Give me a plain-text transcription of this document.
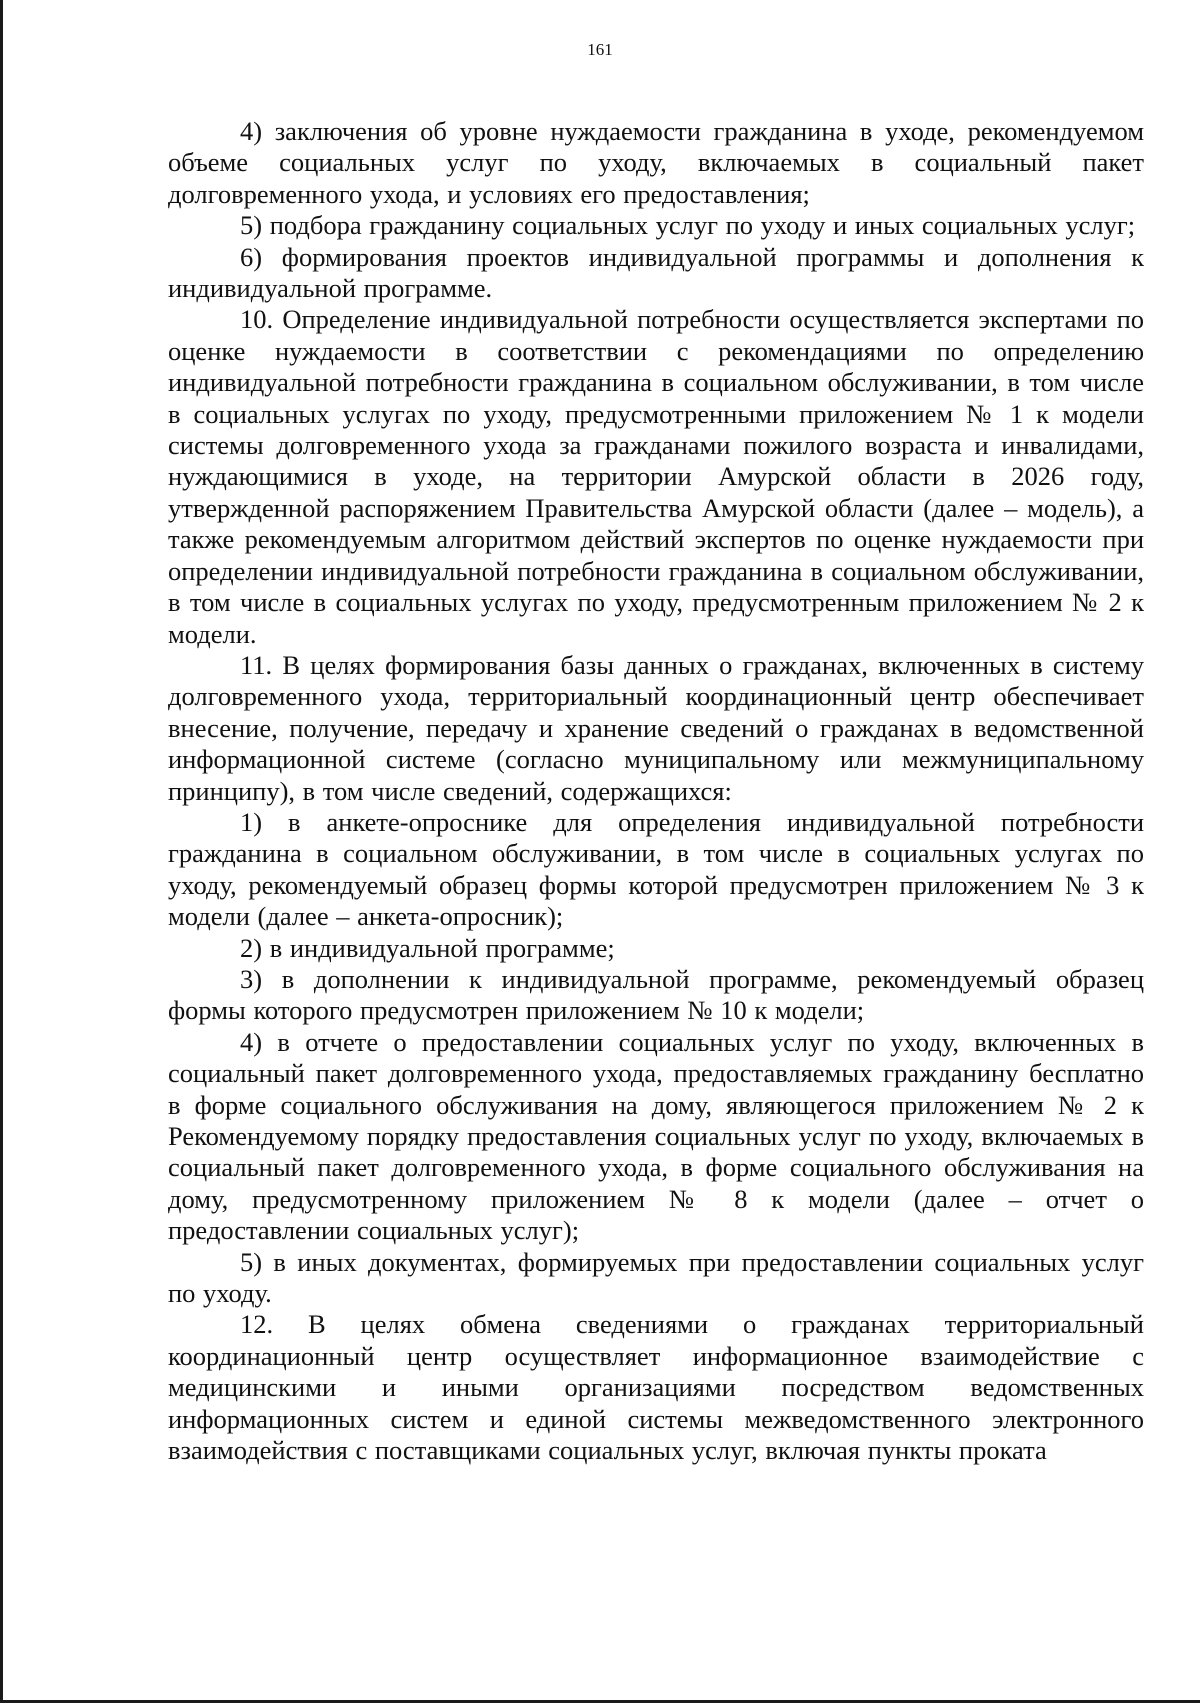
161

4) заключения об уровне нуждаемости гражданина в уходе, рекомендуемом объеме социальных услуг по уходу, включаемых в социальный пакет долговременного ухода, и условиях его предоставления;

5) подбора гражданину социальных услуг по уходу и иных социальных услуг;

6) формирования проектов индивидуальной программы и дополнения к индивидуальной программе.

10. Определение индивидуальной потребности осуществляется экспертами по оценке нуждаемости в соответствии с рекомендациями по определению индивидуальной потребности гражданина в социальном обслуживании, в том числе в социальных услугах по уходу, предусмотренными приложением № 1 к модели системы долговременного ухода за гражданами пожилого возраста и инвалидами, нуждающимися в уходе, на территории Амурской области в 2026 году, утвержденной распоряжением Правительства Амурской области (далее – модель), а также рекомендуемым алгоритмом действий экспертов по оценке нуждаемости при определении индивидуальной потребности гражданина в социальном обслуживании, в том числе в социальных услугах по уходу, предусмотренным приложением № 2 к модели.

11. В целях формирования базы данных о гражданах, включенных в систему долговременного ухода, территориальный координационный центр обеспечивает внесение, получение, передачу и хранение сведений о гражданах в ведомственной информационной системе (согласно муниципальному или межмуниципальному принципу), в том числе сведений, содержащихся:

1) в анкете-опроснике для определения индивидуальной потребности гражданина в социальном обслуживании, в том числе в социальных услугах по уходу, рекомендуемый образец формы которой предусмотрен приложением № 3 к модели (далее – анкета-опросник);

2) в индивидуальной программе;

3) в дополнении к индивидуальной программе, рекомендуемый образец формы которого предусмотрен приложением № 10 к модели;

4) в отчете о предоставлении социальных услуг по уходу, включенных в социальный пакет долговременного ухода, предоставляемых гражданину бесплатно в форме социального обслуживания на дому, являющегося приложением № 2 к Рекомендуемому порядку предоставления социальных услуг по уходу, включаемых в социальный пакет долговременного ухода, в форме социального обслуживания на дому, предусмотренному приложением № 8 к модели (далее – отчет о предоставлении социальных услуг);

5) в иных документах, формируемых при предоставлении социальных услуг по уходу.

12. В целях обмена сведениями о гражданах территориальный координационный центр осуществляет информационное взаимодействие с медицинскими и иными организациями посредством ведомственных информационных систем и единой системы межведомственного электронного взаимодействия с поставщиками социальных услуг, включая пункты проката
